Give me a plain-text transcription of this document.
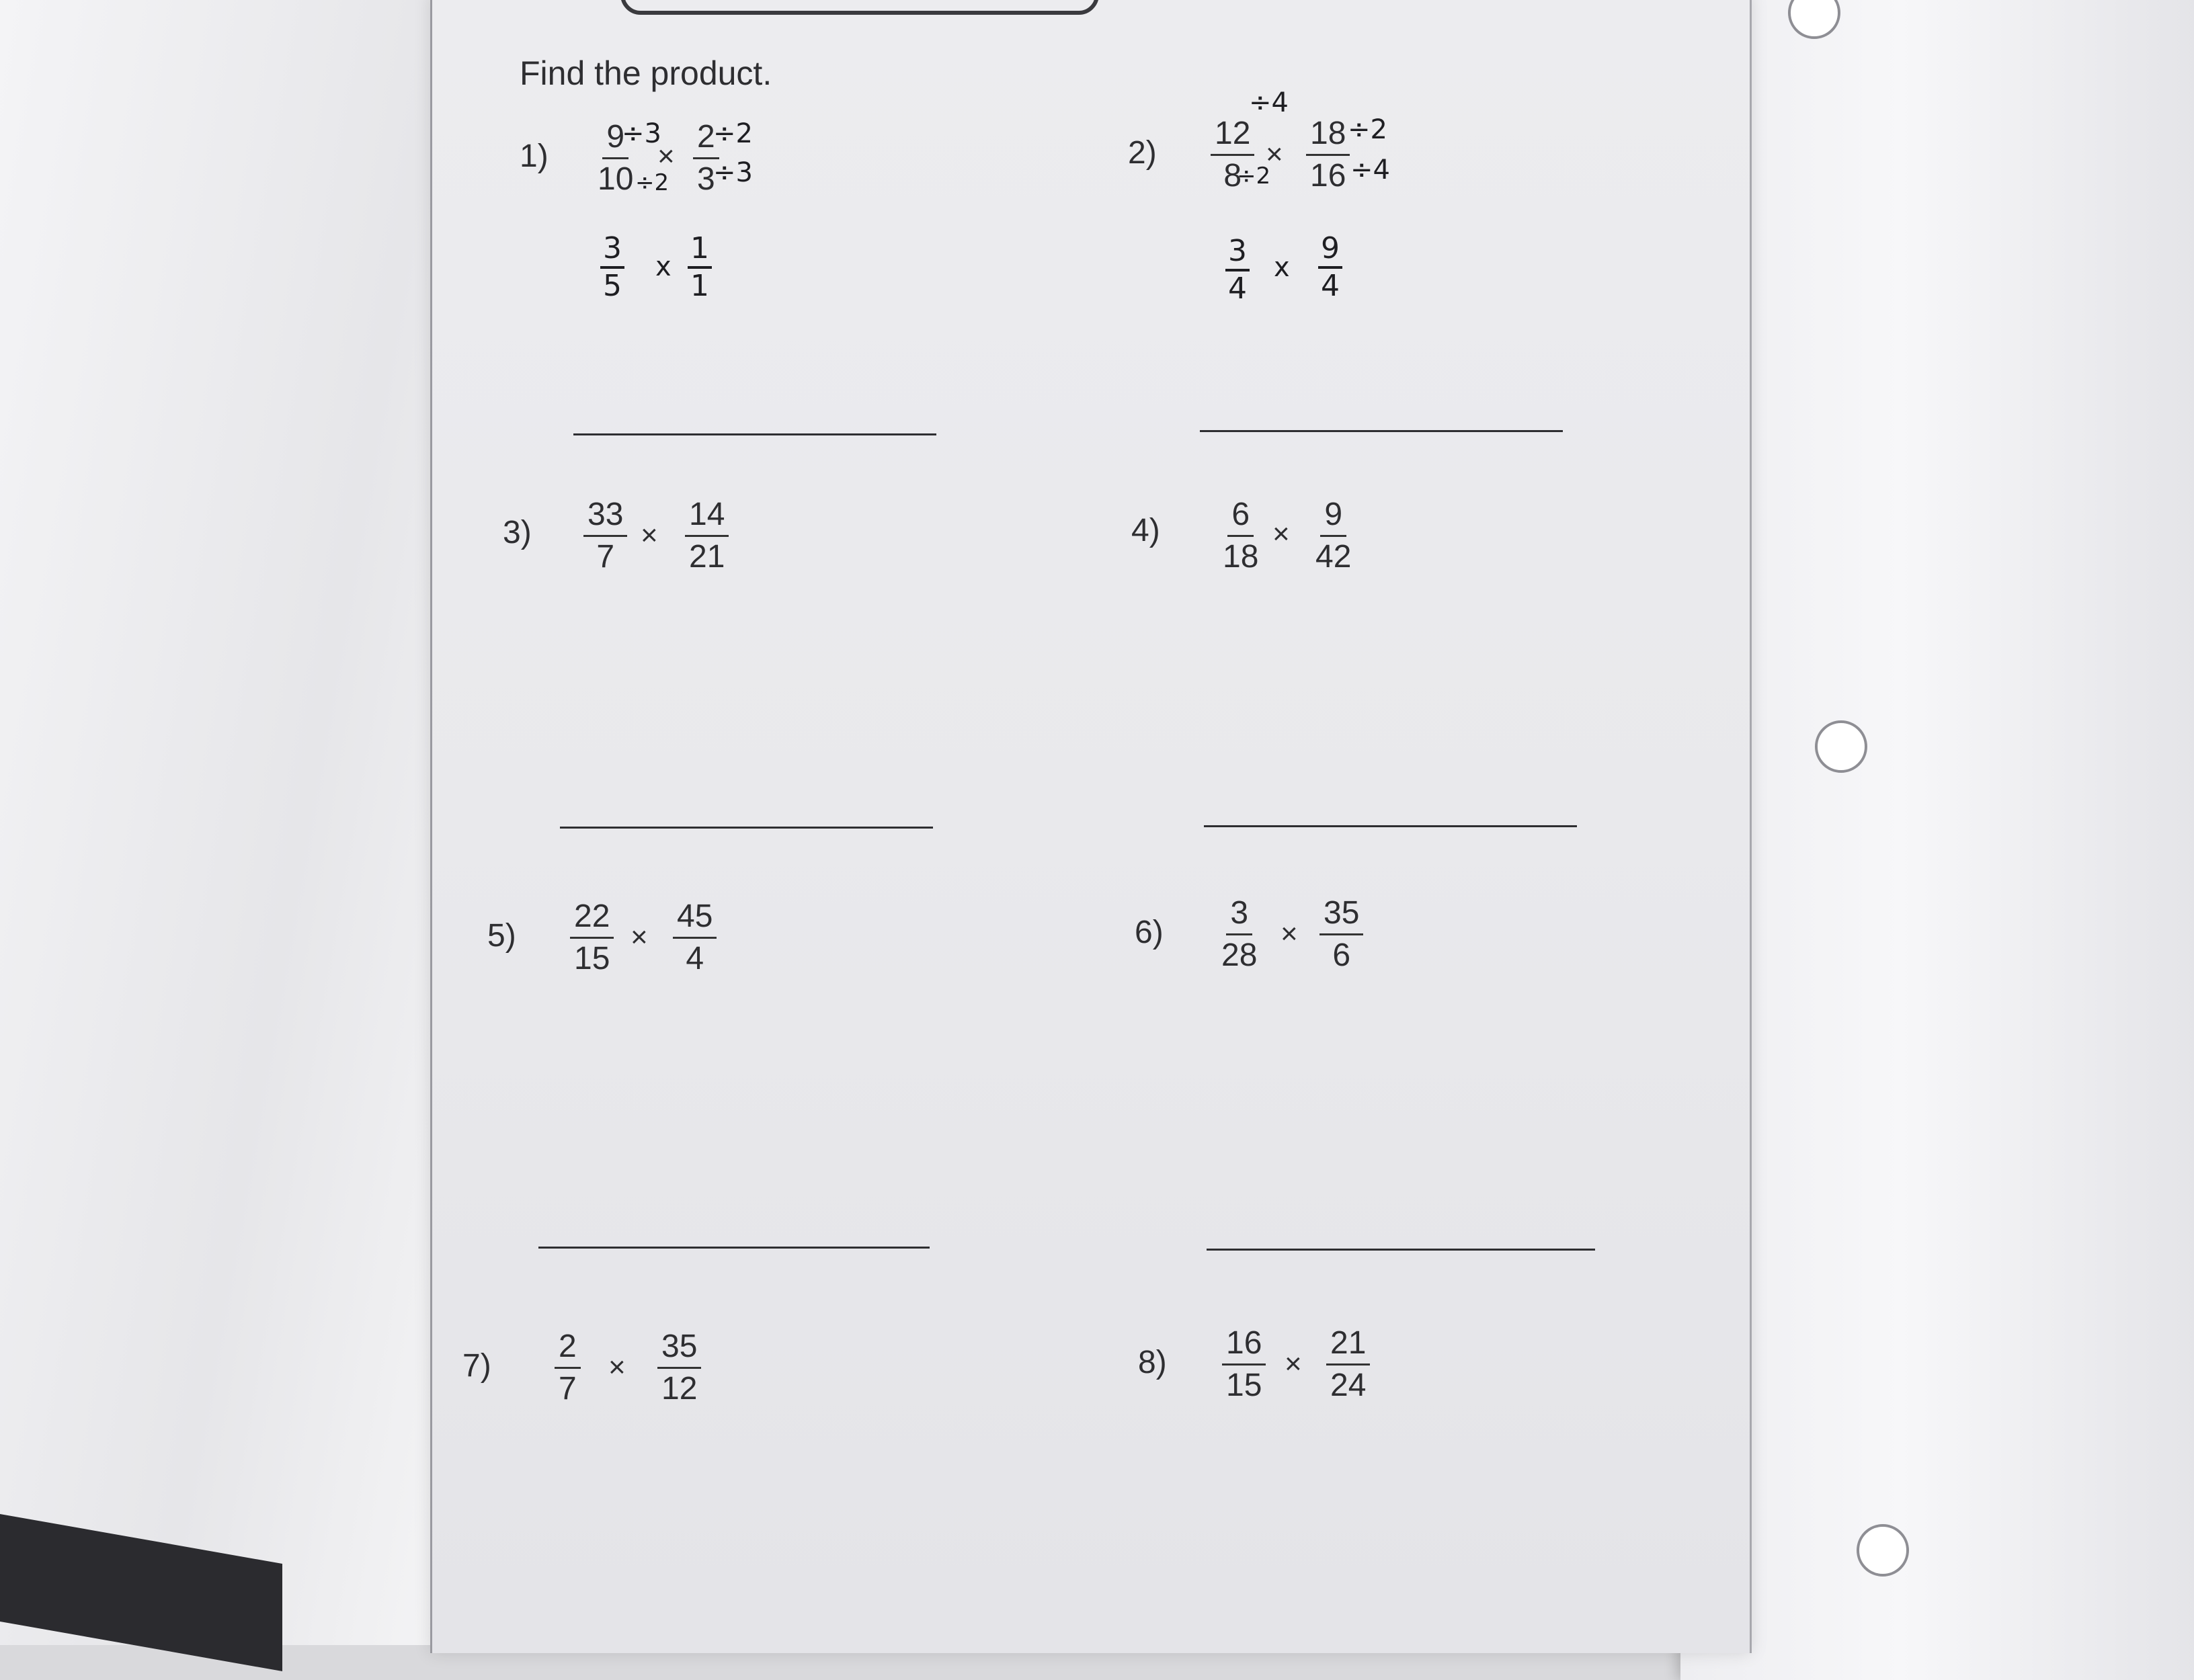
Find the product.
$1) \frac{9}{10}$
÷3
÷2
× $\frac{2}{3}$
÷2
÷3
$\frac{3}{5}$ x $\frac{1}{1}$
$2) \frac{12}{8}$
÷4
÷2
× $\frac{18}{16}$
÷2
÷4
$\frac{3}{4}$ x $\frac{9}{4}$
$3) \frac{33}{7} \times \frac{14}{21}$	$4) \frac{6}{18} \times \frac{9}{42}$
$5) \frac{22}{15} \times \frac{45}{4}$	$6) \frac{3}{28} \times \frac{35}{6}$
$7) \frac{2}{7} \times \frac{35}{12}$	$8) \frac{16}{15} \times \frac{21}{24}$
